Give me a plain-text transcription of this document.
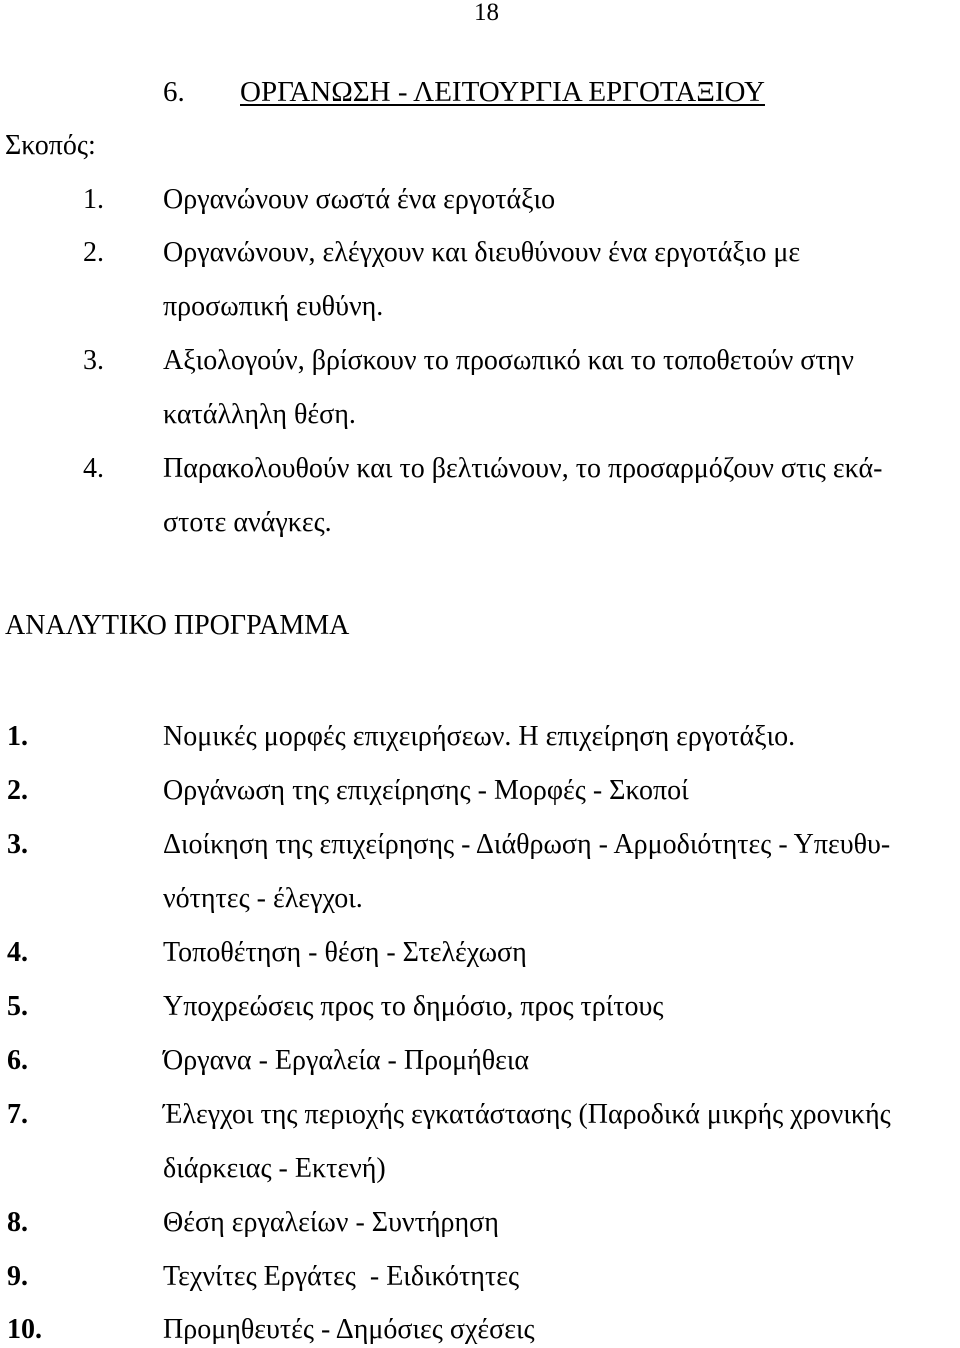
18
6. ΟΡΓΑΝΩΣΗ - ΛΕΙΤΟΥΡΓΙΑ ΕΡΓΟΤΑΞΙΟΥ
Σκοπός:
1. Οργανώνουν σωστά ένα εργοτάξιο
2. Οργανώνουν, ελέγχουν και διευθύνουν ένα εργοτάξιο με
προσωπική ευθύνη.
3. Αξιολογούν, βρίσκουν το προσωπικό και το τοποθετούν στην
κατάλληλη θέση.
4. Παρακολουθούν και το βελτιώνουν, το προσαρμόζουν στις εκά-
στοτε ανάγκες.
ΑΝΑΛΥΤΙΚΟ ΠΡΟΓΡΑΜΜΑ
1.	Νομικές μορφές επιχειρήσεων. Η επιχείρηση εργοτάξιο.
2.	Οργάνωση της επιχείρησης - Μορφές - Σκοποί
3.	Διοίκηση της επιχείρησης - Διάθρωση - Αρμοδιότητες - Υπευθυ-
νότητες - έλεγχοι.
4.	Τοποθέτηση - θέση - Στελέχωση
5.	Υποχρεώσεις προς το δημόσιο, προς τρίτους
6.	Όργανα - Εργαλεία - Προμήθεια
7.	Έλεγχοι της περιοχής εγκατάστασης (Παροδικά μικρής χρονικής
διάρκειας - Εκτενή)
8.	Θέση εργαλείων - Συντήρηση
9.	Τεχνίτες Εργάτες  - Ειδικότητες
10.	Προμηθευτές - Δημόσιες σχέσεις
